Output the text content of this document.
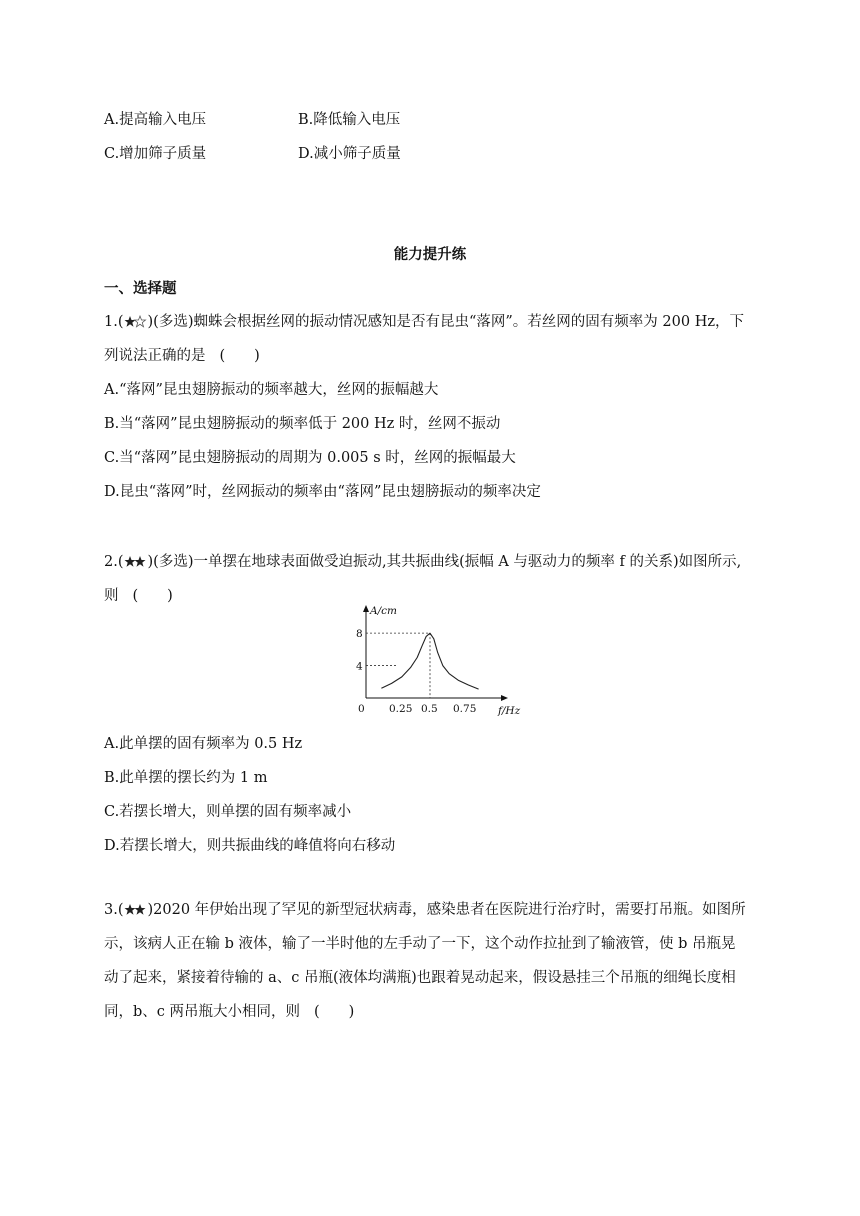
A.提高输入电压	B.降低输入电压
C.增加筛子质量	D.减小筛子质量
能力提升练
一、选择题
1.( )(多选)蜘蛛会根据丝网的振动情况感知是否有昆虫“落网”。若丝网的固有频率为 200 Hz，下
列说法正确的是 (　　)
A.“落网”昆虫翅膀振动的频率越大，丝网的振幅越大
B.当“落网”昆虫翅膀振动的频率低于 200 Hz 时，丝网不振动
C.当“落网”昆虫翅膀振动的周期为 0.005 s 时，丝网的振幅最大
D.昆虫“落网”时，丝网振动的频率由“落网”昆虫翅膀振动的频率决定
2.( )(多选)一单摆在地球表面做受迫振动,其共振曲线(振幅 A 与驱动力的频率 f 的关系)如图所示,
则 (　　)
A/cm
f/Hz
0 0.25 0.5 0.75
4
8
A.此单摆的固有频率为 0.5 Hz
B.此单摆的摆长约为 1 m
C.若摆长增大，则单摆的固有频率减小
D.若摆长增大，则共振曲线的峰值将向右移动
3.( )2020 年伊始出现了罕见的新型冠状病毒，感染患者在医院进行治疗时，需要打吊瓶。如图所
示，该病人正在输 b 液体，输了一半时他的左手动了一下，这个动作拉扯到了输液管，使 b 吊瓶晃
动了起来，紧接着待输的 a、c 吊瓶(液体均满瓶)也跟着晃动起来，假设悬挂三个吊瓶的细绳长度相
同，b、c 两吊瓶大小相同，则 (　　)
